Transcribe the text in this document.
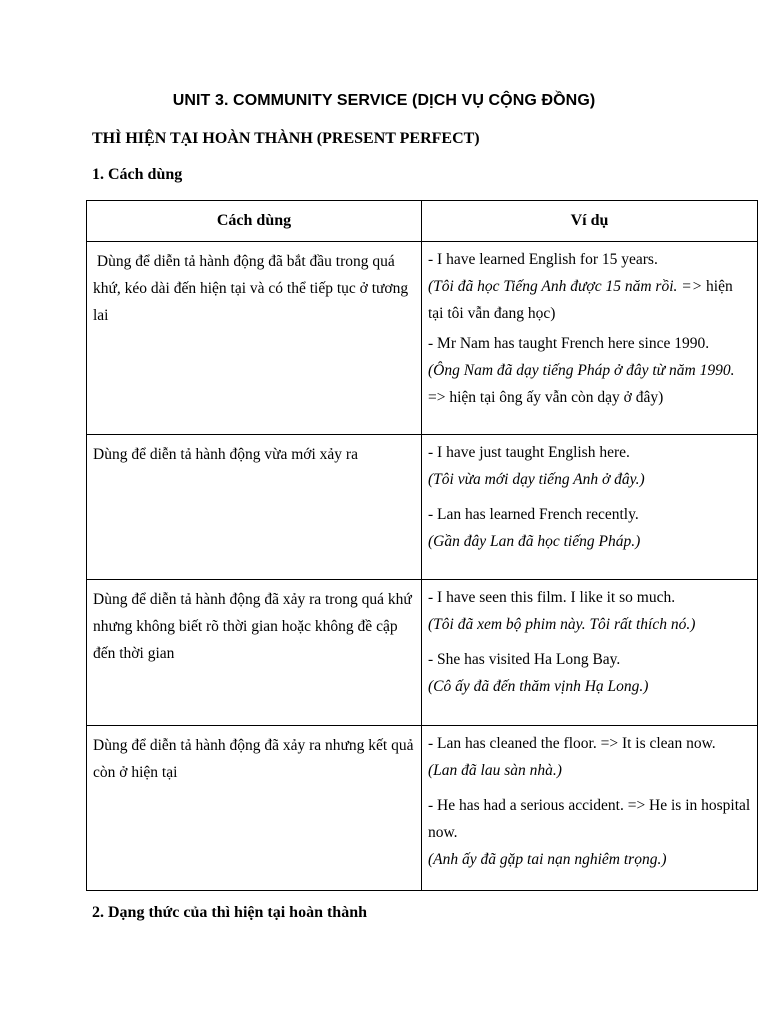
UNIT 3. COMMUNITY SERVICE (DỊCH VỤ CỘNG ĐỒNG)
THÌ HIỆN TẠI HOÀN THÀNH (PRESENT PERFECT)
1. Cách dùng
Cách dùng	Ví dụ

Dùng để diễn tả hành động đã bắt đầu trong quá khứ, kéo dài đến hiện tại và có thể tiếp tục ở tương lai	- I have learned English for 15 years.
(Tôi đã học Tiếng Anh được 15 năm rồi. => hiện tại tôi vẫn đang học)
- Mr Nam has taught French here since 1990.
(Ông Nam đã dạy tiếng Pháp ở đây từ năm 1990. => hiện tại ông ấy vẫn còn dạy ở đây)

Dùng để diễn tả hành động vừa mới xảy ra	- I have just taught English here.
(Tôi vừa mới dạy tiếng Anh ở đây.)
- Lan has learned French recently.
(Gần đây Lan đã học tiếng Pháp.)

Dùng để diễn tả hành động đã xảy ra trong quá khứ nhưng không biết rõ thời gian hoặc không đề cập đến thời gian	- I have seen this film. I like it so much.
(Tôi đã xem bộ phim này. Tôi rất thích nó.)
- She has visited Ha Long Bay.
(Cô ấy đã đến thăm vịnh Hạ Long.)

Dùng để diễn tả hành động đã xảy ra nhưng kết quả còn ở hiện tại	- Lan has cleaned the floor. => It is clean now.
(Lan đã lau sàn nhà.)
- He has had a serious accident. => He is in hospital now.
(Anh ấy đã gặp tai nạn nghiêm trọng.)
2. Dạng thức của thì hiện tại hoàn thành
